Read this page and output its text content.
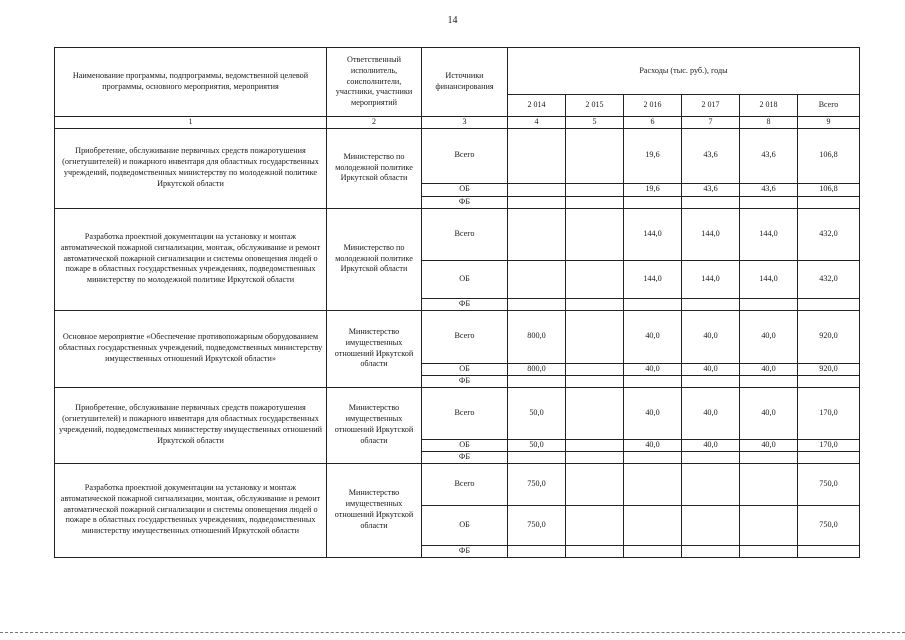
14
Наименование программы, подпрограммы, ведомственной целевой программы, основного мероприятия, мероприятия	Ответственный исполнитель, соисполнители, участники, участники мероприятий	Источники финансирования	Расходы (тыс. руб.), годы					
			2 014	2 015	2 016	2 017	2 018	Всего
1	2	3	4	5	6	7	8	9
Приобретение, обслуживание первичных средств пожаротушения (огнетушителей) и пожарного инвентаря для областных государственных учреждений, подведомственных министерству по молодежной политике Иркутской области	Министерство по молодежной политике Иркутской области	Всего			19,6	43,6	43,6	106,8
		ОБ			19,6	43,6	43,6	106,8
		ФБ						
Разработка проектной документации на установку и монтаж автоматической пожарной сигнализации, монтаж, обслуживание и ремонт автоматической пожарной сигнализации и системы оповещения людей о пожаре в областных государственных учреждениях, подведомственных министерству по молодежной политике Иркутской области	Министерство по молодежной политике Иркутской области	Всего			144,0	144,0	144,0	432,0
		ОБ			144,0	144,0	144,0	432,0
		ФБ						
Основное мероприятие «Обеспечение противопожарным оборудованием областных государственных учреждений, подведомственных министерству имущественных отношений Иркутской области»	Министерство имущественных отношений Иркутской области	Всего	800,0		40,0	40,0	40,0	920,0
		ОБ	800,0		40,0	40,0	40,0	920,0
		ФБ						
Приобретение, обслуживание первичных средств пожаротушения (огнетушителей) и пожарного инвентаря для областных государственных учреждений, подведомственных министерству имущественных отношений Иркутской области	Министерство имущественных отношений Иркутской области	Всего	50,0		40,0	40,0	40,0	170,0
		ОБ	50,0		40,0	40,0	40,0	170,0
		ФБ						
Разработка проектной документации на установку и монтаж автоматической пожарной сигнализации, монтаж, обслуживание и ремонт автоматической пожарной сигнализации и системы оповещения людей о пожаре в областных государственных учреждениях, подведомственных министерству имущественных отношений Иркутской области	Министерство имущественных отношений Иркутской области	Всего	750,0					750,0
		ОБ	750,0					750,0
		ФБ						
